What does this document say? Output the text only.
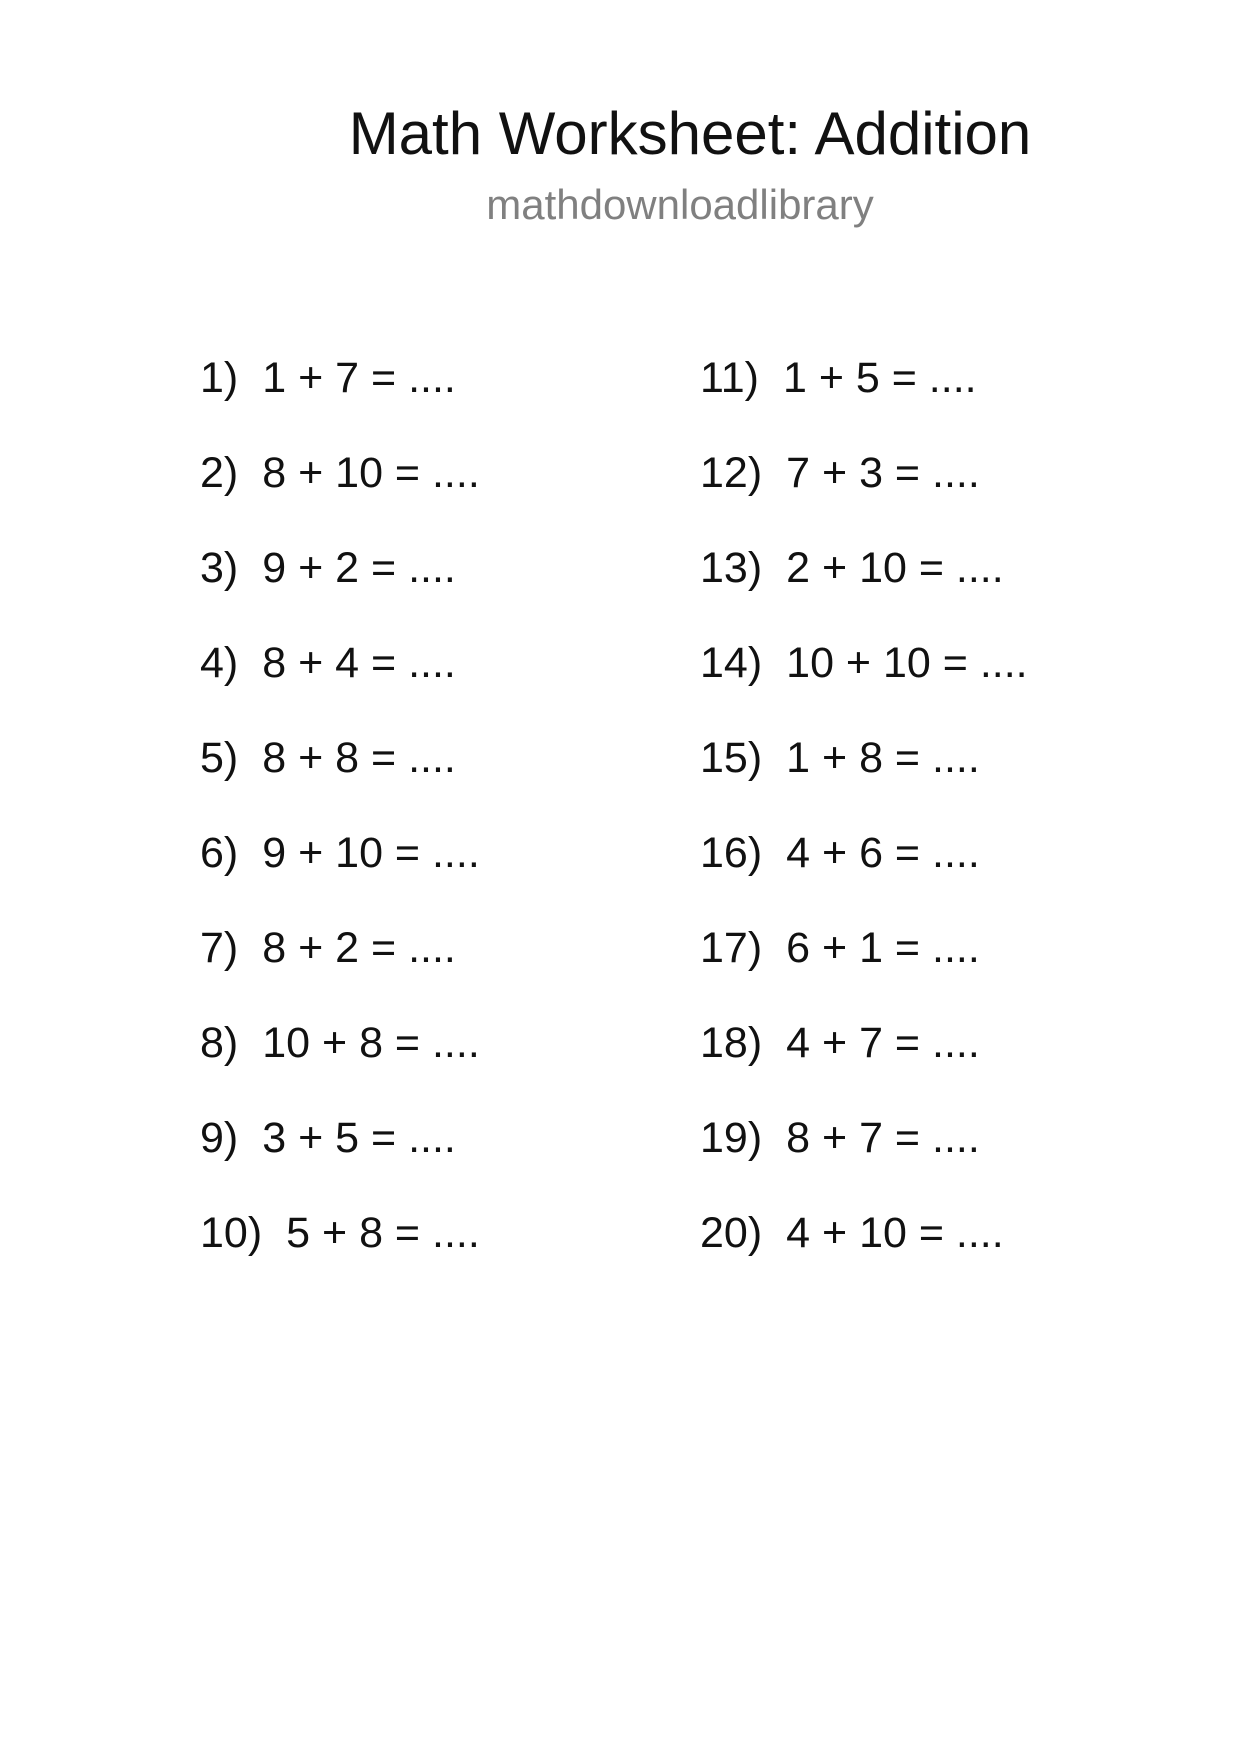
Math Worksheet: Addition
mathdownloadlibrary
1) 1 + 7 = ....
2) 8 + 10 = ....
3) 9 + 2 = ....
4) 8 + 4 = ....
5) 8 + 8 = ....
6) 9 + 10 = ....
7) 8 + 2 = ....
8) 10 + 8 = ....
9) 3 + 5 = ....
10) 5 + 8 = ....
11) 1 + 5 = ....
12) 7 + 3 = ....
13) 2 + 10 = ....
14) 10 + 10 = ....
15) 1 + 8 = ....
16) 4 + 6 = ....
17) 6 + 1 = ....
18) 4 + 7 = ....
19) 8 + 7 = ....
20) 4 + 10 = ....
